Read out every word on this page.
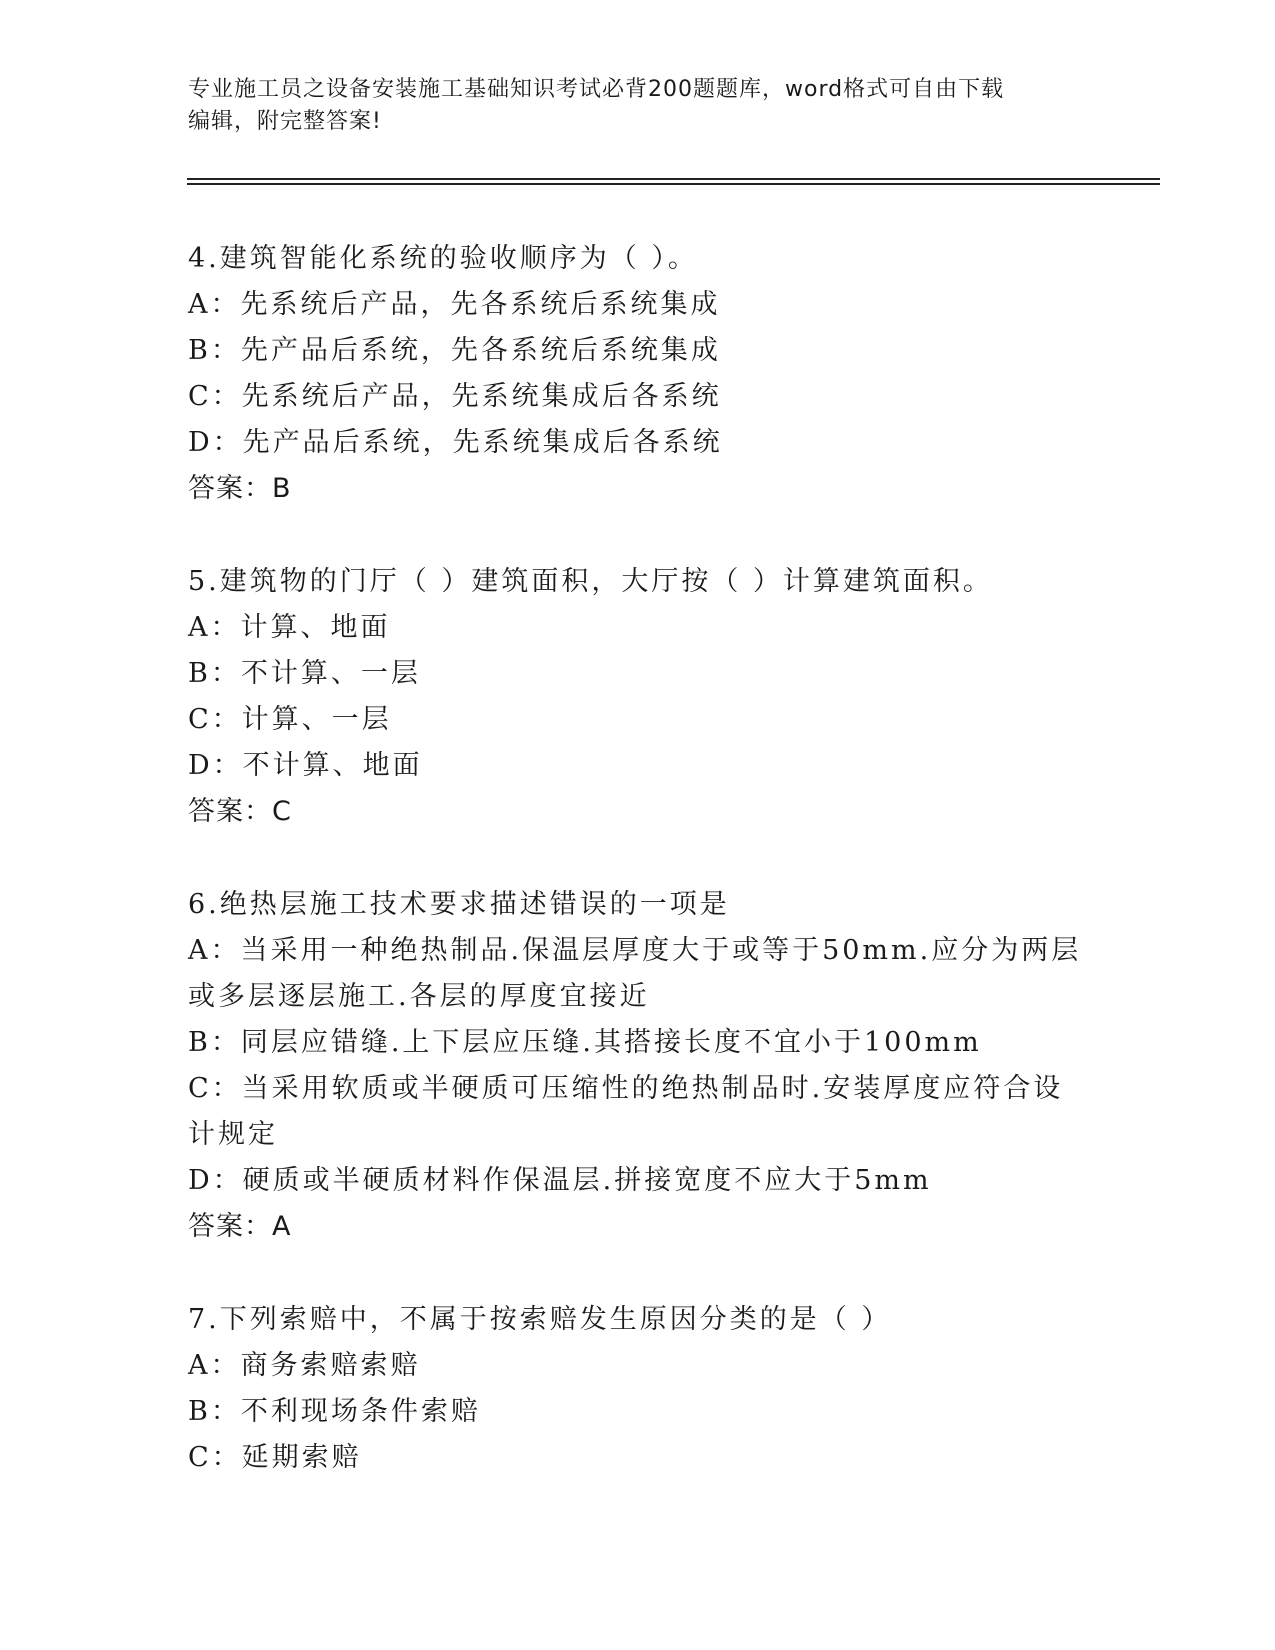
专业施工员之设备安装施工基础知识考试必背200题题库，word格式可自由下载
编辑，附完整答案!
4.建筑智能化系统的验收顺序为（ ）。
A：先系统后产品，先各系统后系统集成
B：先产品后系统，先各系统后系统集成
C：先系统后产品，先系统集成后各系统
D：先产品后系统，先系统集成后各系统
答案：B
5.建筑物的门厅（ ）建筑面积，大厅按（ ）计算建筑面积。
A：计算、地面
B：不计算、一层
C：计算、一层
D：不计算、地面
答案：C
6.绝热层施工技术要求描述错误的一项是
A：当采用一种绝热制品.保温层厚度大于或等于50mm.应分为两层或多层逐层施工.各层的厚度宜接近
B：同层应错缝.上下层应压缝.其搭接长度不宜小于100mm
C：当采用软质或半硬质可压缩性的绝热制品时.安装厚度应符合设计规定
D：硬质或半硬质材料作保温层.拼接宽度不应大于5mm
答案：A
7.下列索赔中，不属于按索赔发生原因分类的是（ ）
A：商务索赔索赔
B：不利现场条件索赔
C：延期索赔
